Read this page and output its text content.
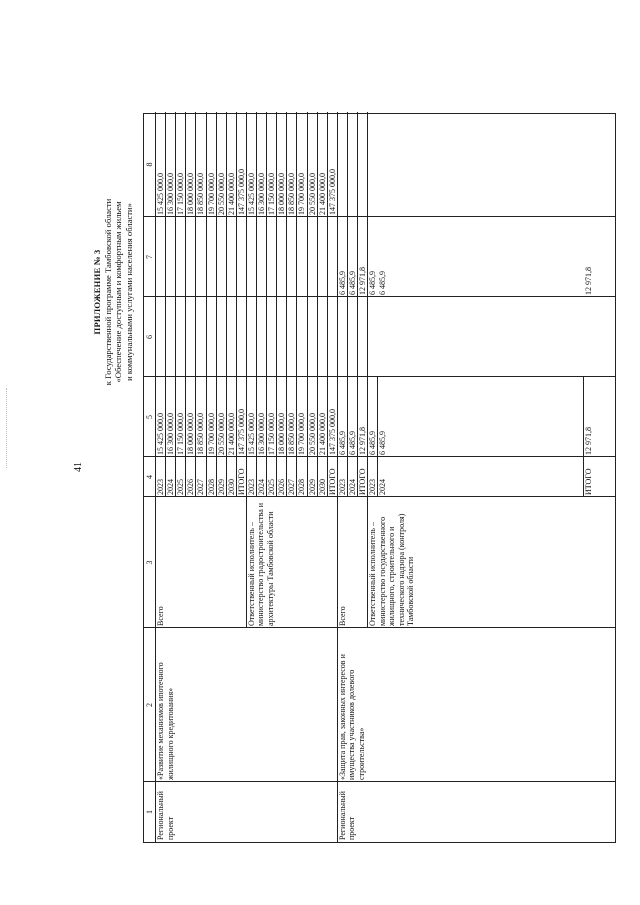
41
ПРИЛОЖЕНИЕ № 3 к Государственной программе Тамбовской области «Обеспечение доступным и комфортным жильем и коммунальными услугами населения области»
1
2
3
4
5
6
7
8
Региональный проект
«Развитие механизмов ипотечного жилищного кредитования»
Всего
2023
15 425 000,0
15 425 000,0
2024
16 300 000,0
16 300 000,0
2025
17 150 000,0
17 150 000,0
2026
18 000 000,0
18 000 000,0
2027
18 850 000,0
18 850 000,0
2028
19 700 000,0
19 700 000,0
2029
20 550 000,0
20 550 000,0
2030
21 400 000,0
21 400 000,0
ИТОГО
147 375 000,0
147 375 000,0
Ответственный исполнитель – министерство градостроительства и архитектуры Тамбовской области
2023
15 425 000,0
15 425 000,0
2024
16 300 000,0
16 300 000,0
2025
17 150 000,0
17 150 000,0
2026
18 000 000,0
18 000 000,0
2027
18 850 000,0
18 850 000,0
2028
19 700 000,0
19 700 000,0
2029
20 550 000,0
20 550 000,0
2030
21 400 000,0
21 400 000,0
ИТОГО
147 375 000,0
147 375 000,0
Региональный проект
«Защита прав, законных интересов и имущества участников долевого строительства»
Всего
2023
6 485,9
6 485,9
2024
6 485,9
6 485,9
ИТОГО
12 971,8
12 971,8
Ответственный исполнитель – министерство государственного жилищного, строительного и технического надзора (контроля) Тамбовской области
2023
6 485,9
6 485,9
2024
6 485,9
6 485,9
ИТОГО
12 971,8
12 971,8
